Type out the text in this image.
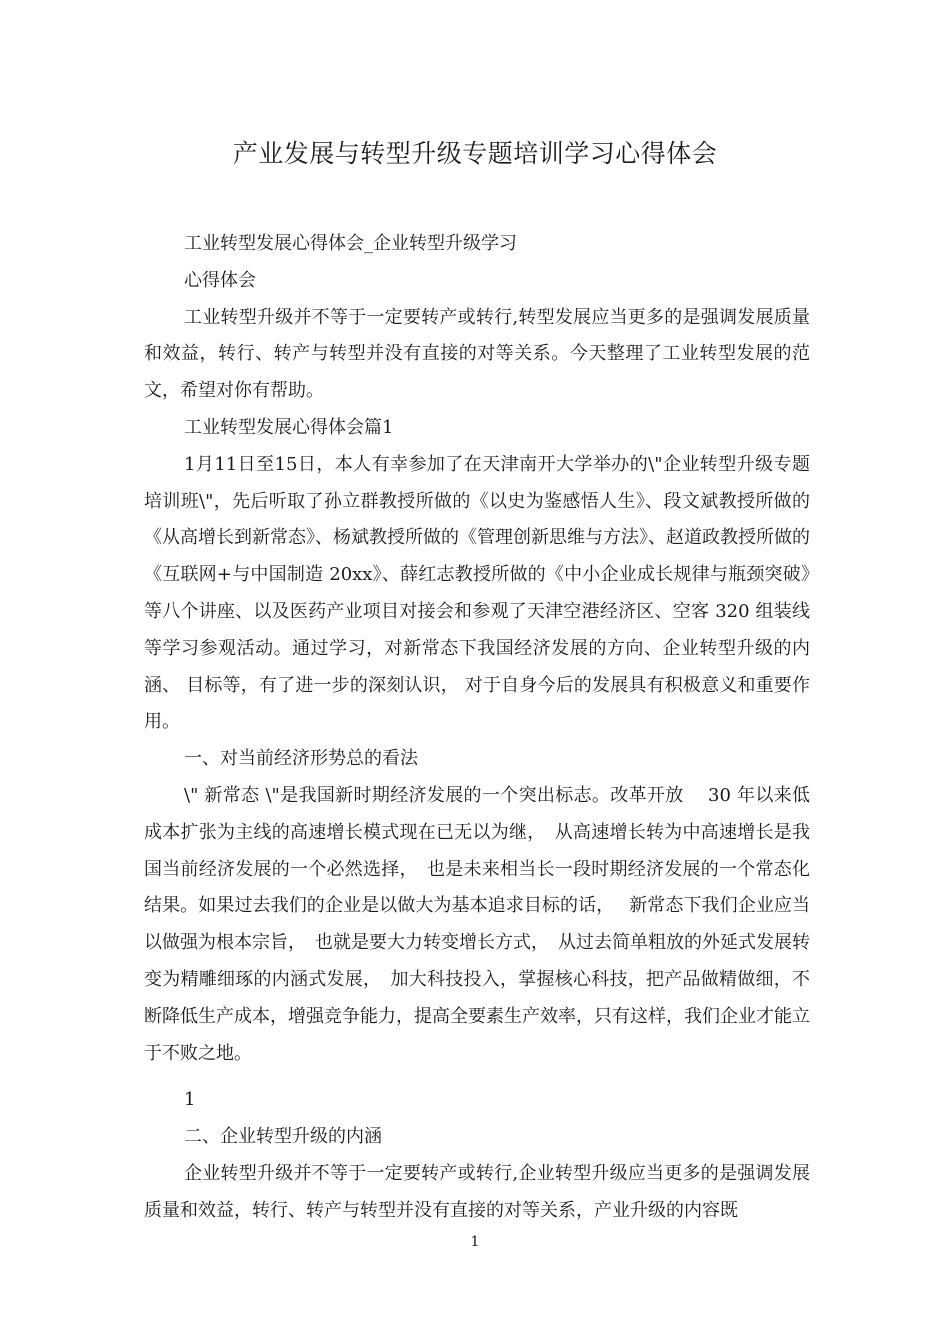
产业发展与转型升级专题培训学习心得体会

工业转型发展心得体会_企业转型升级学习

心得体会

工业转型升级并不等于一定要转产或转行,转型发展应当更多的是强调发展质量和效益，转行、转产与转型并没有直接的对等关系。今天整理了工业转型发展的范文，希望对你有帮助。

工业转型发展心得体会篇1

1月11日至15日，本人有幸参加了在天津南开大学举办的\"企业转型升级专题培训班\"，先后听取了孙立群教授所做的《以史为鉴感悟人生》、段文斌教授所做的《从高增长到新常态》、杨斌教授所做的《管理创新思维与方法》、赵道政教授所做的《互联网+与中国制造 20xx》、薛红志教授所做的《中小企业成长规律与瓶颈突破》等八个讲座、以及医药产业项目对接会和参观了天津空港经济区、空客 320 组装线等学习参观活动。通过学习，对新常态下我国经济发展的方向、企业转型升级的内涵、 目标等，有了进一步的深刻认识， 对于自身今后的发展具有积极意义和重要作用。

一、对当前经济形势总的看法

\" 新常态 \"是我国新时期经济发展的一个突出标志。改革开放　 30 年以来低成本扩张为主线的高速增长模式现在已无以为继，　从高速增长转为中高速增长是我国当前经济发展的一个必然选择，　也是未来相当长一段时期经济发展的一个常态化结果。如果过去我们的企业是以做大为基本追求目标的话，　 新常态下我们企业应当以做强为根本宗旨，　也就是要大力转变增长方式，　从过去简单粗放的外延式发展转变为精雕细琢的内涵式发展，　加大科技投入，掌握核心科技，把产品做精做细，不断降低生产成本，增强竞争能力，提高全要素生产效率，只有这样，我们企业才能立于不败之地。

1

二、企业转型升级的内涵

企业转型升级并不等于一定要转产或转行,企业转型升级应当更多的是强调发展质量和效益，转行、转产与转型并没有直接的对等关系，产业升级的内容既

1
